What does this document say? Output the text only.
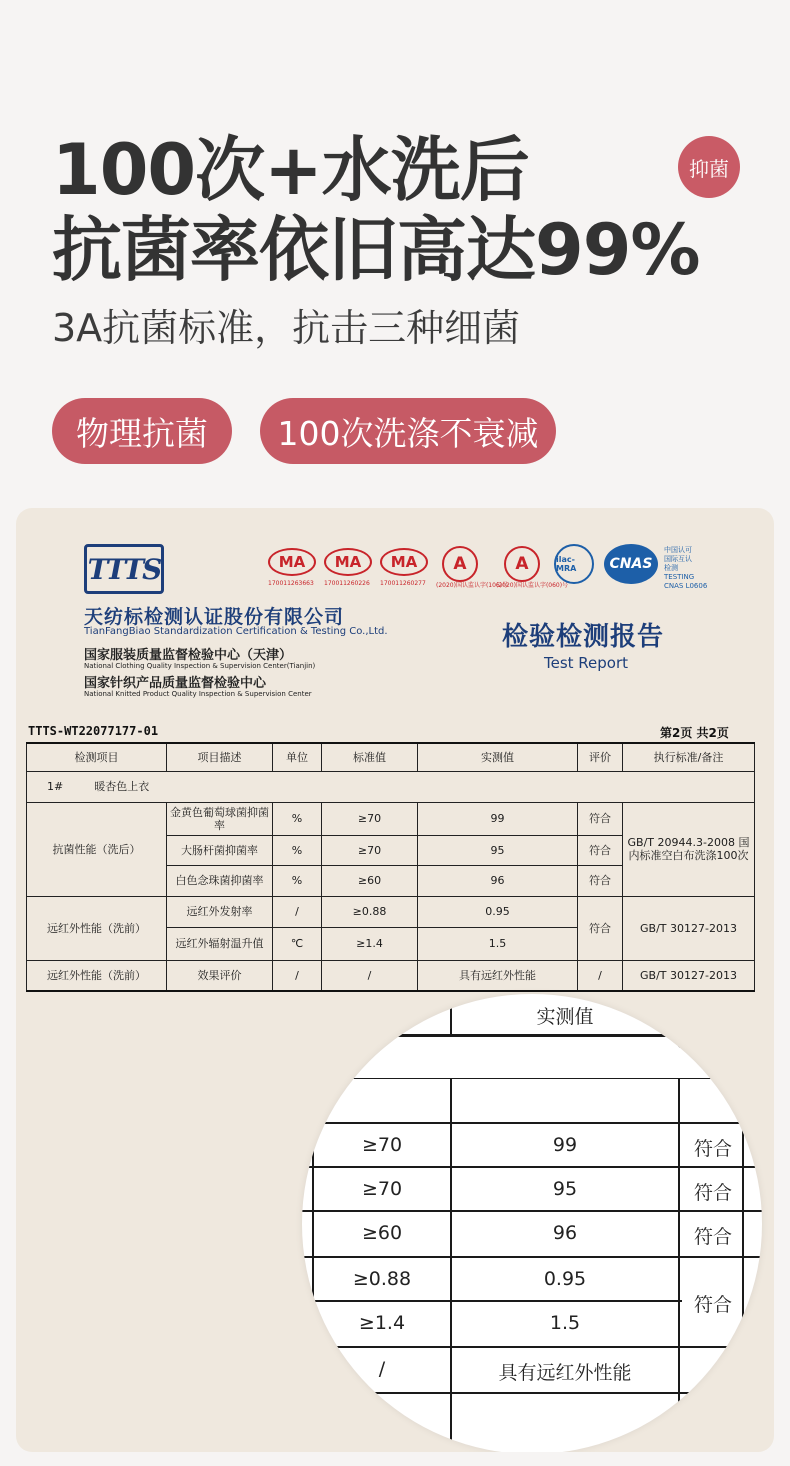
100次+水洗后
抗菌率依旧高达99%
3A抗菌标准，抗击三种细菌
抑菌
物理抗菌	100次洗涤不衰减
TTTS
天纺标检测认证股份有限公司
TianFangBiao Standardization Certification & Testing Co.,Ltd.
国家服装质量监督检验中心（天津）
National Clothing Quality Inspection & Supervision Center(Tianjin)
国家针织产品质量监督检验中心
National Knitted Product Quality Inspection & Supervision Center
MA
170011263663
MA
170011260226
MA
170011260277
A
(2020)国认监认字(106)号
A
(2020)国认监认字(060)号
ilac-MRA	CNAS
中国认可
国际互认
检测
TESTING
CNAS L0606
检验检测报告
Test Report
TTTS-WT22077177-01	第2页 共2页
检测项目	项目描述	单位	标准值	实测值	评价	执行标准/备注
1# 暖杏色上衣						
抗菌性能（洗后）	金黄色葡萄球菌抑菌率	%	≥70	99	符合	GB/T 20944.3-2008 国内标准空白布洗涤100次
	大肠杆菌抑菌率	%	≥70	95	符合	
	白色念珠菌抑菌率	%	≥60	96	符合	
远红外性能（洗前）	远红外发射率	/	≥0.88	0.95	符合	GB/T 30127-2013
	远红外辐射温升值	℃	≥1.4	1.5		
远红外性能（洗前）	效果评价	/	/	具有远红外性能	/	GB/T 30127-2013
标准值	实测值
≥70	99	符合
≥70	95	符合
≥60	96	符合
≥0.88	0.95
≥1.4	1.5
符合
/	具有远红外性能
